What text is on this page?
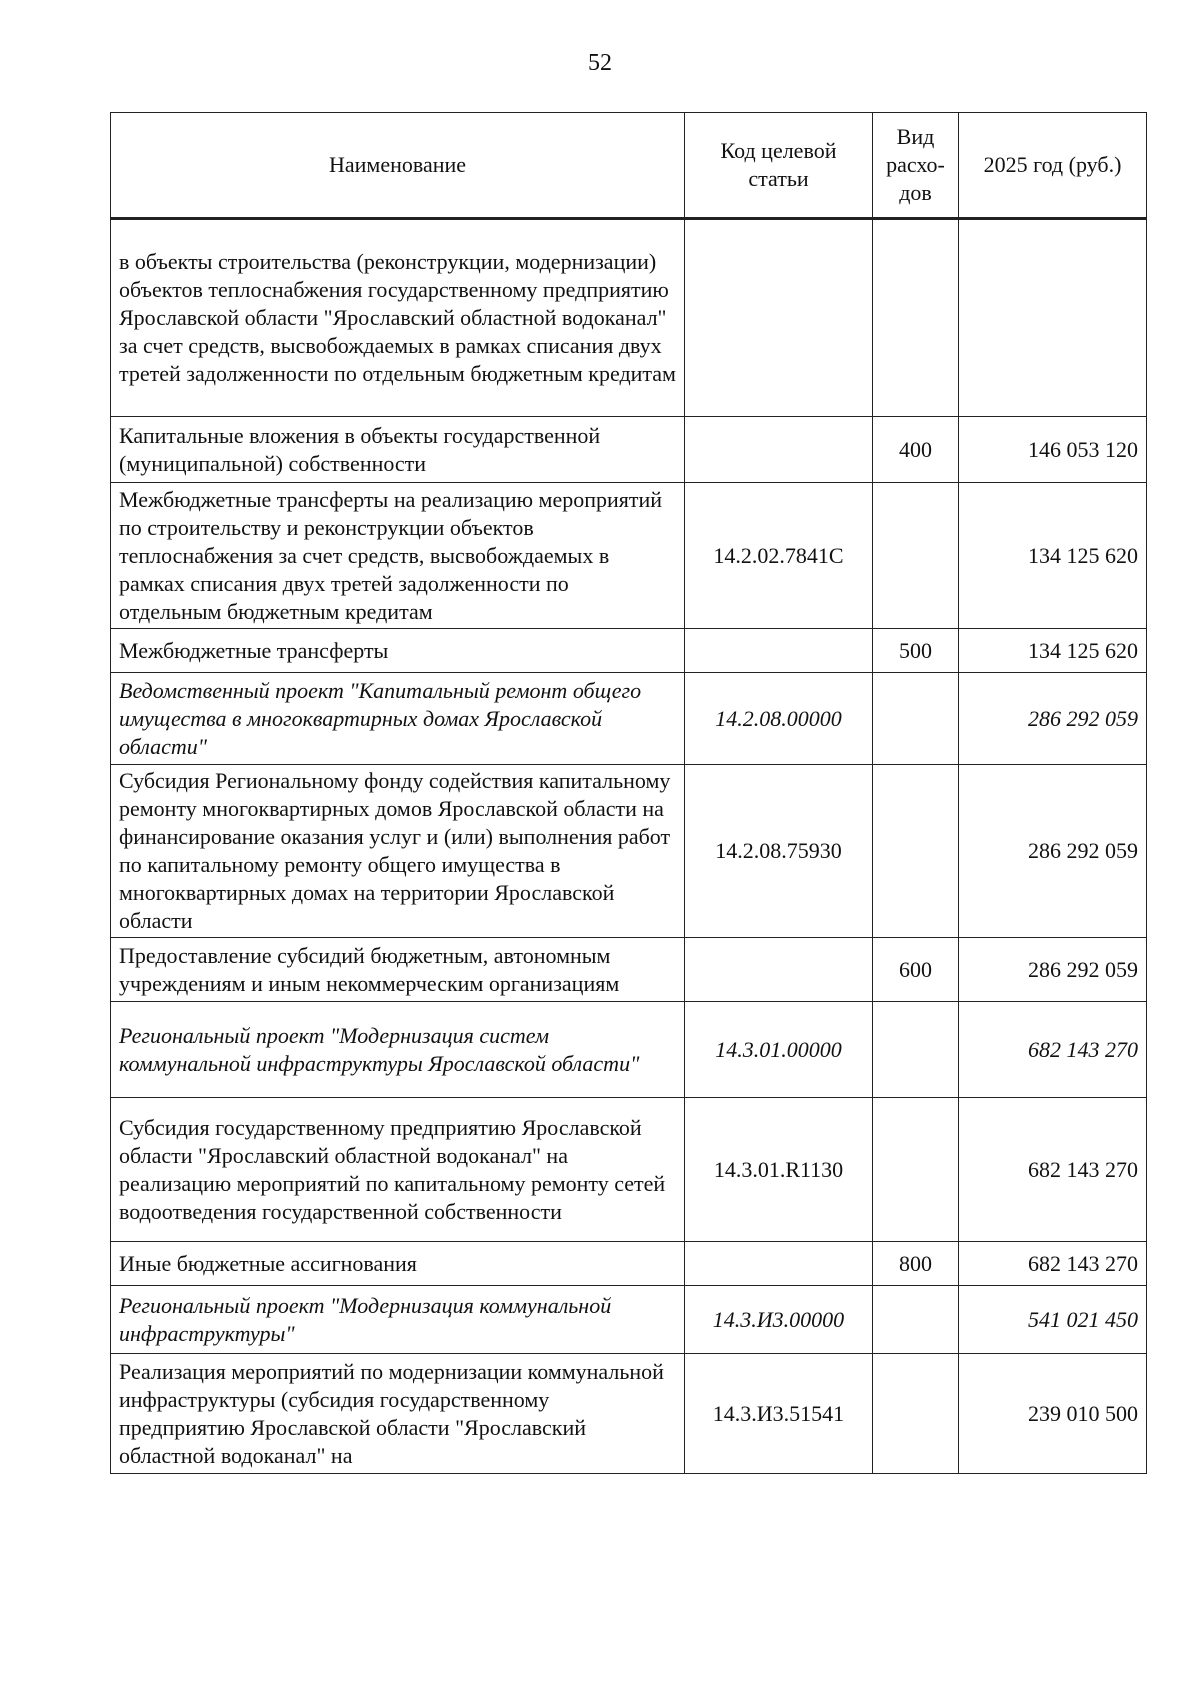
52
Наименование	Код целевой статьи	Вид расхо-дов	2025 год (руб.)
в объекты строительства (реконструкции, модернизации) объектов теплоснабжения государственному предприятию Ярославской области "Ярославский областной водоканал" за счет средств, высвобождаемых в рамках списания двух третей задолженности по отдельным бюджетным кредитам			
Капитальные вложения в объекты государственной (муниципальной) собственности		400	146 053 120
Межбюджетные трансферты на реализацию мероприятий по строительству и реконструкции объектов теплоснабжения за счет средств, высвобождаемых в рамках списания двух третей задолженности по отдельным бюджетным кредитам	14.2.02.7841С		134 125 620
Межбюджетные трансферты		500	134 125 620
Ведомственный проект "Капитальный ремонт общего имущества в многоквартирных домах Ярославской области"	14.2.08.00000		286 292 059
Субсидия Региональному фонду содействия капитальному ремонту многоквартирных домов Ярославской области на финансирование оказания услуг и (или) выполнения работ по капитальному ремонту общего имущества в многоквартирных домах на территории Ярославской области	14.2.08.75930		286 292 059
Предоставление субсидий бюджетным, автономным учреждениям и иным некоммерческим организациям		600	286 292 059
Региональный проект "Модернизация систем коммунальной инфраструктуры Ярославской области"	14.3.01.00000		682 143 270
Субсидия государственному предприятию Ярославской области "Ярославский областной водоканал" на реализацию мероприятий по капитальному ремонту сетей водоотведения государственной собственности	14.3.01.R1130		682 143 270
Иные бюджетные ассигнования		800	682 143 270
Региональный проект "Модернизация коммунальной инфраструктуры"	14.3.И3.00000		541 021 450
Реализация мероприятий по модернизации коммунальной инфраструктуры (субсидия государственному предприятию Ярославской области "Ярославский областной водоканал" на	14.3.И3.51541		239 010 500
